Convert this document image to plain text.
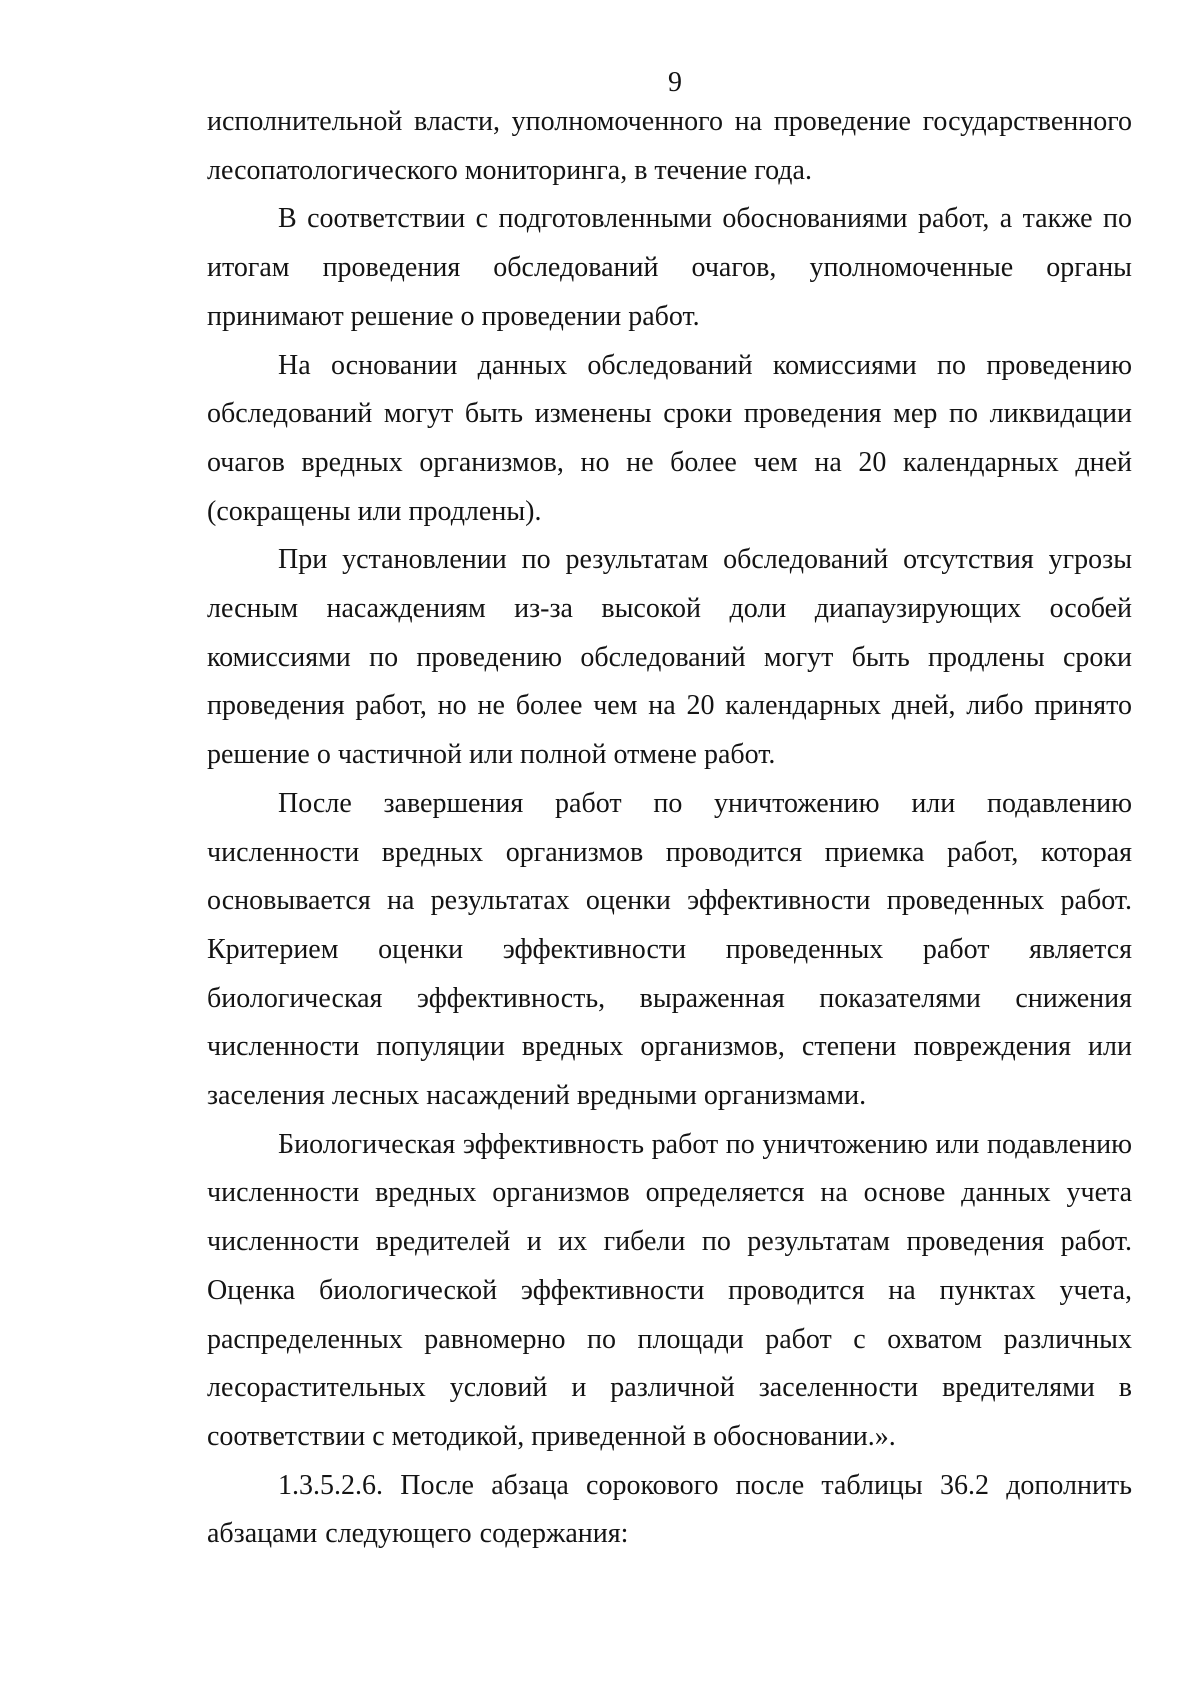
9

исполнительной власти, уполномоченного на проведение государственного лесопатологического мониторинга, в течение года.

В соответствии с подготовленными обоснованиями работ, а также по итогам проведения обследований очагов, уполномоченные органы принимают решение о проведении работ.

На основании данных обследований комиссиями по проведению обследований могут быть изменены сроки проведения мер по ликвидации очагов вредных организмов, но не более чем на 20 календарных дней (сокращены или продлены).

При установлении по результатам обследований отсутствия угрозы лесным насаждениям из-за высокой доли диапаузирующих особей комиссиями по проведению обследований могут быть продлены сроки проведения работ, но не более чем на 20 календарных дней, либо принято решение о частичной или полной отмене работ.

После завершения работ по уничтожению или подавлению численности вредных организмов проводится приемка работ, которая основывается на результатах оценки эффективности проведенных работ. Критерием оценки эффективности проведенных работ является биологическая эффективность, выраженная показателями снижения численности популяции вредных организмов, степени повреждения или заселения лесных насаждений вредными организмами.

Биологическая эффективность работ по уничтожению или подавлению численности вредных организмов определяется на основе данных учета численности вредителей и их гибели по результатам проведения работ. Оценка биологической эффективности проводится на пунктах учета, распределенных равномерно по площади работ с охватом различных лесорастительных условий и различной заселенности вредителями в соответствии с методикой, приведенной в обосновании.».

1.3.5.2.6. После абзаца сорокового после таблицы 36.2 дополнить абзацами следующего содержания:
